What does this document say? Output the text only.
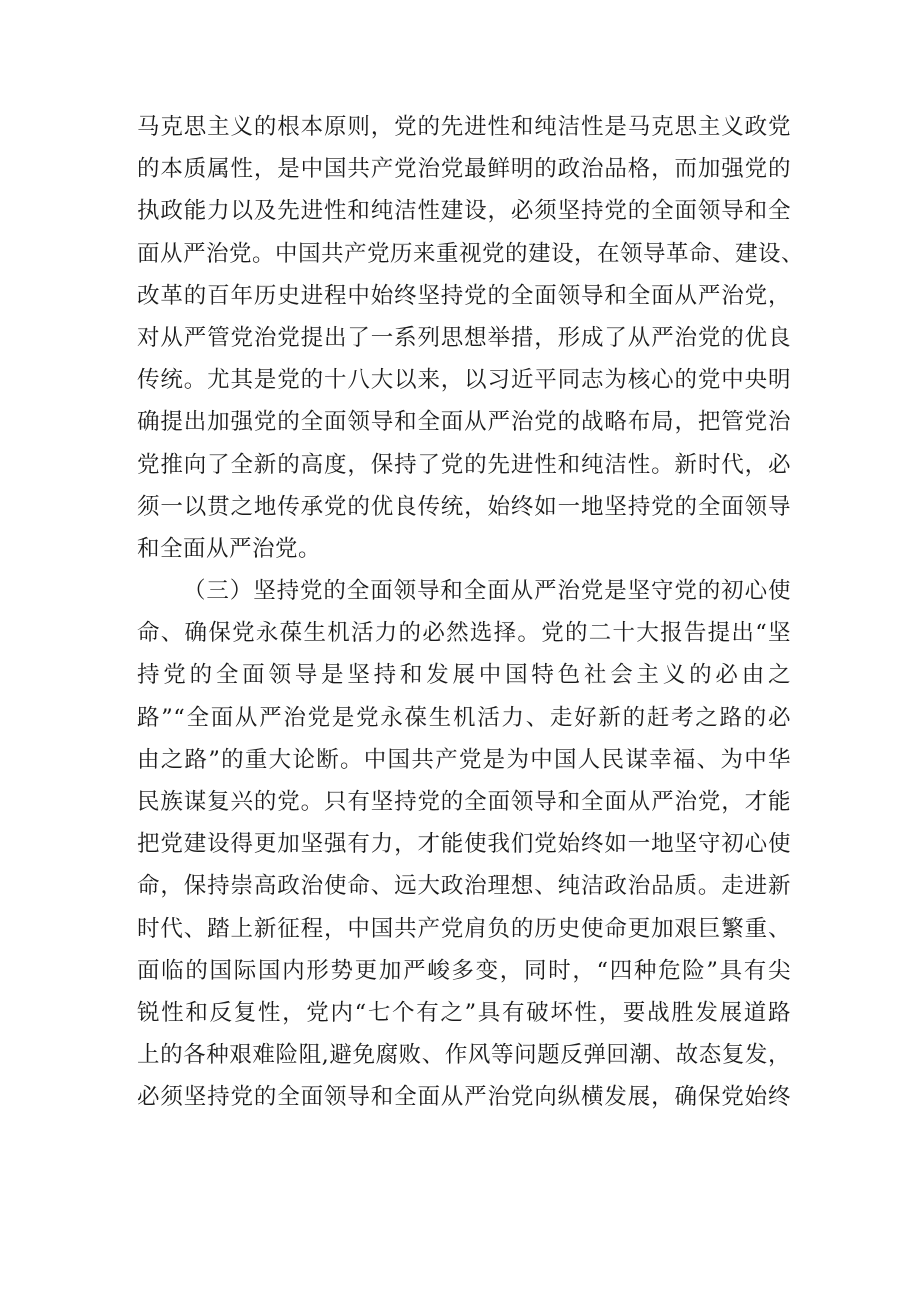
马克思主义的根本原则，党的先进性和纯洁性是马克思主义政党
的本质属性，是中国共产党治党最鲜明的政治品格，而加强党的
执政能力以及先进性和纯洁性建设，必须坚持党的全面领导和全
面从严治党。中国共产党历来重视党的建设，在领导革命、建设、
改革的百年历史进程中始终坚持党的全面领导和全面从严治党，
对从严管党治党提出了一系列思想举措，形成了从严治党的优良
传统。尤其是党的十八大以来，以习近平同志为核心的党中央明
确提出加强党的全面领导和全面从严治党的战略布局，把管党治
党推向了全新的高度，保持了党的先进性和纯洁性。新时代，必
须一以贯之地传承党的优良传统，始终如一地坚持党的全面领导
和全面从严治党。
（三）坚持党的全面领导和全面从严治党是坚守党的初心使
命、确保党永葆生机活力的必然选择。党的二十大报告提出“坚
持党的全面领导是坚持和发展中国特色社会主义的必由之
路”“全面从严治党是党永葆生机活力、走好新的赶考之路的必
由之路”的重大论断。中国共产党是为中国人民谋幸福、为中华
民族谋复兴的党。只有坚持党的全面领导和全面从严治党，才能
把党建设得更加坚强有力，才能使我们党始终如一地坚守初心使
命，保持崇高政治使命、远大政治理想、纯洁政治品质。走进新
时代、踏上新征程，中国共产党肩负的历史使命更加艰巨繁重、
面临的国际国内形势更加严峻多变，同时，“四种危险”具有尖
锐性和反复性，党内“七个有之”具有破坏性，要战胜发展道路
上的各种艰难险阻,避免腐败、作风等问题反弹回潮、故态复发，
必须坚持党的全面领导和全面从严治党向纵横发展，确保党始终
